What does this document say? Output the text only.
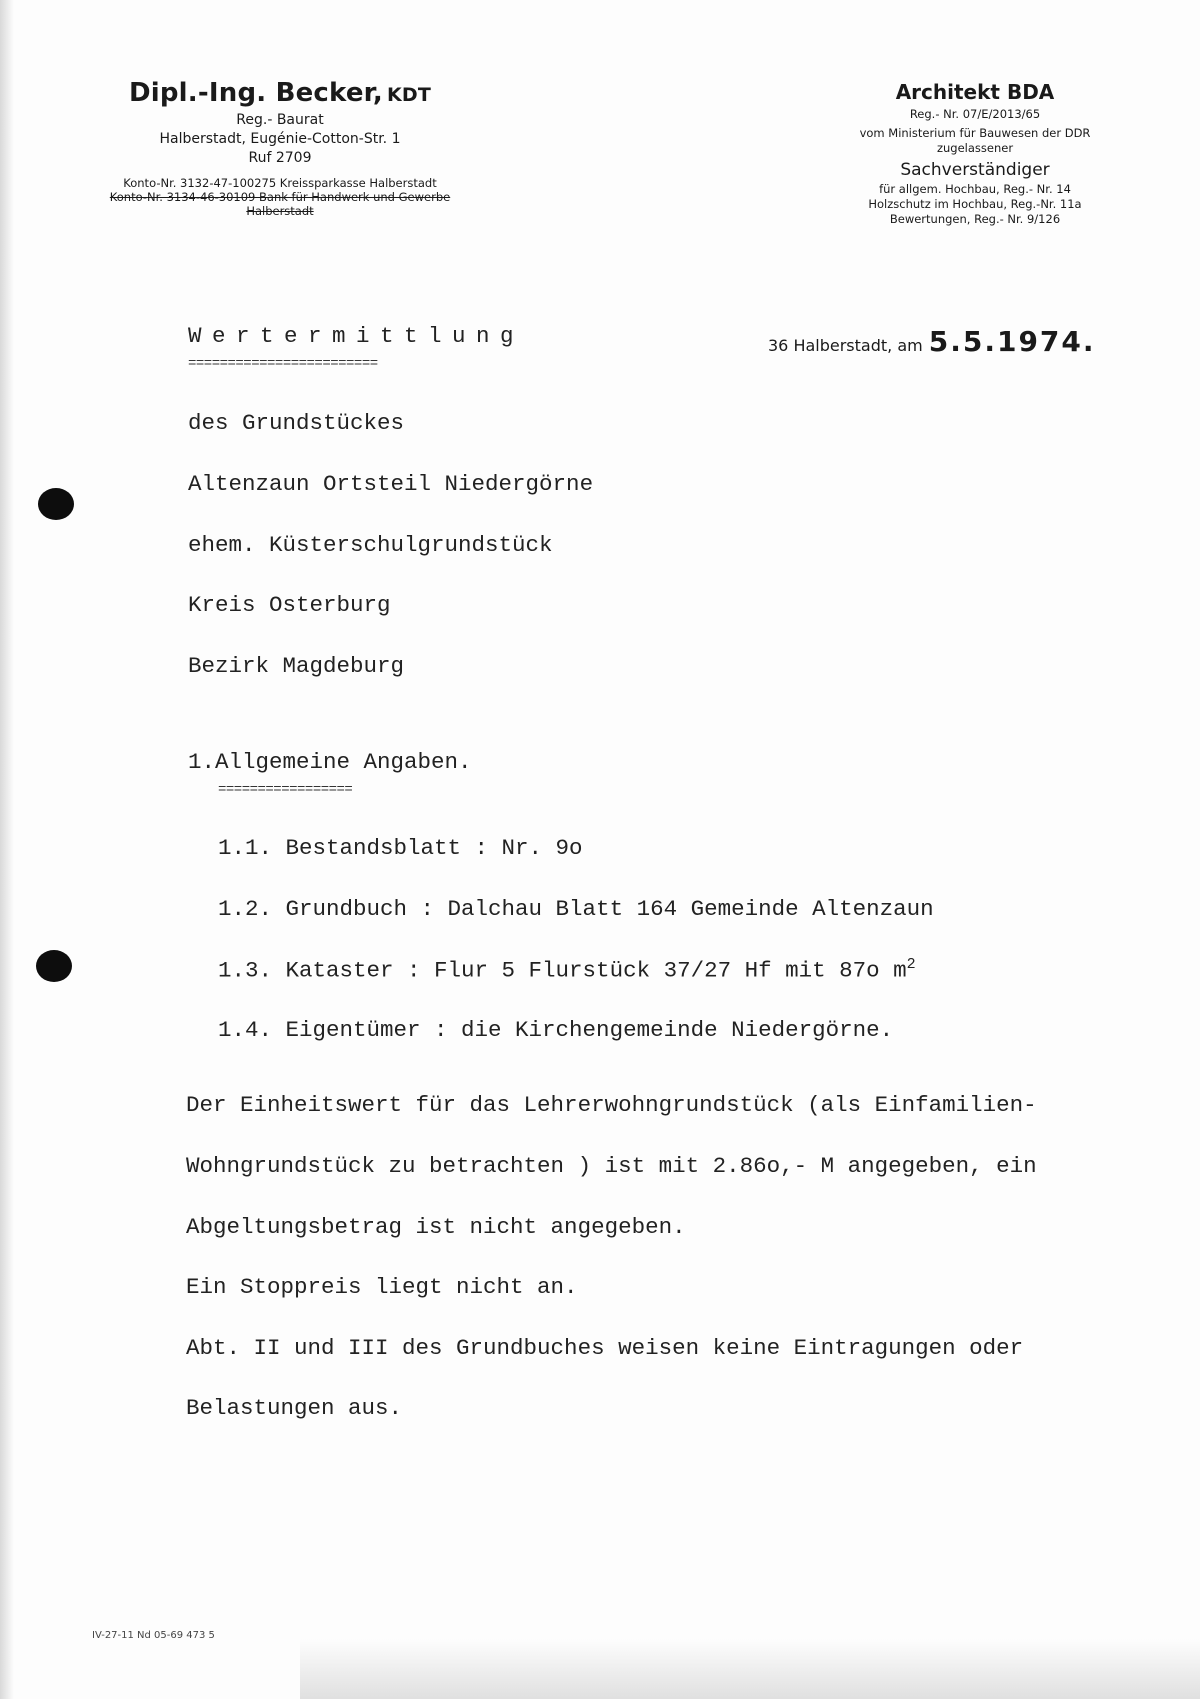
Dipl.-Ing. Becker, KDT
Reg.- Baurat
Halberstadt, Eugénie-Cotton-Str. 1
Ruf 2709
Konto-Nr. 3132-47-100275 Kreissparkasse Halberstadt
Konto-Nr. 3134-46-30109 Bank für Handwerk und Gewerbe
Halberstadt
Architekt BDA
Reg.- Nr. 07/E/2013/65
vom Ministerium für Bauwesen der DDR
zugelassener
Sachverständiger
für allgem. Hochbau, Reg.- Nr. 14
Holzschutz im Hochbau, Reg.-Nr. 11a
Bewertungen, Reg.- Nr. 9/126
Wertermittlung
========================
36 Halberstadt, am 5.5.1974.
des Grundstückes
Altenzaun Ortsteil Niedergörne
ehem. Küsterschulgrundstück
Kreis Osterburg
Bezirk Magdeburg
1.Allgemeine Angaben.
=================
1.1. Bestandsblatt : Nr. 9o
1.2. Grundbuch : Dalchau Blatt 164 Gemeinde Altenzaun
1.3. Kataster : Flur 5 Flurstück 37/27 Hf mit 87o $m^2$
1.4. Eigentümer : die Kirchengemeinde Niedergörne.
Der Einheitswert für das Lehrerwohngrundstück (als Einfamilien-
Wohngrundstück zu betrachten ) ist mit 2.86o,- M angegeben, ein
Abgeltungsbetrag ist nicht angegeben.
Ein Stoppreis liegt nicht an.
Abt. II und III des Grundbuches weisen keine Eintragungen oder
Belastungen aus.
IV-27-11 Nd 05-69 473 5
